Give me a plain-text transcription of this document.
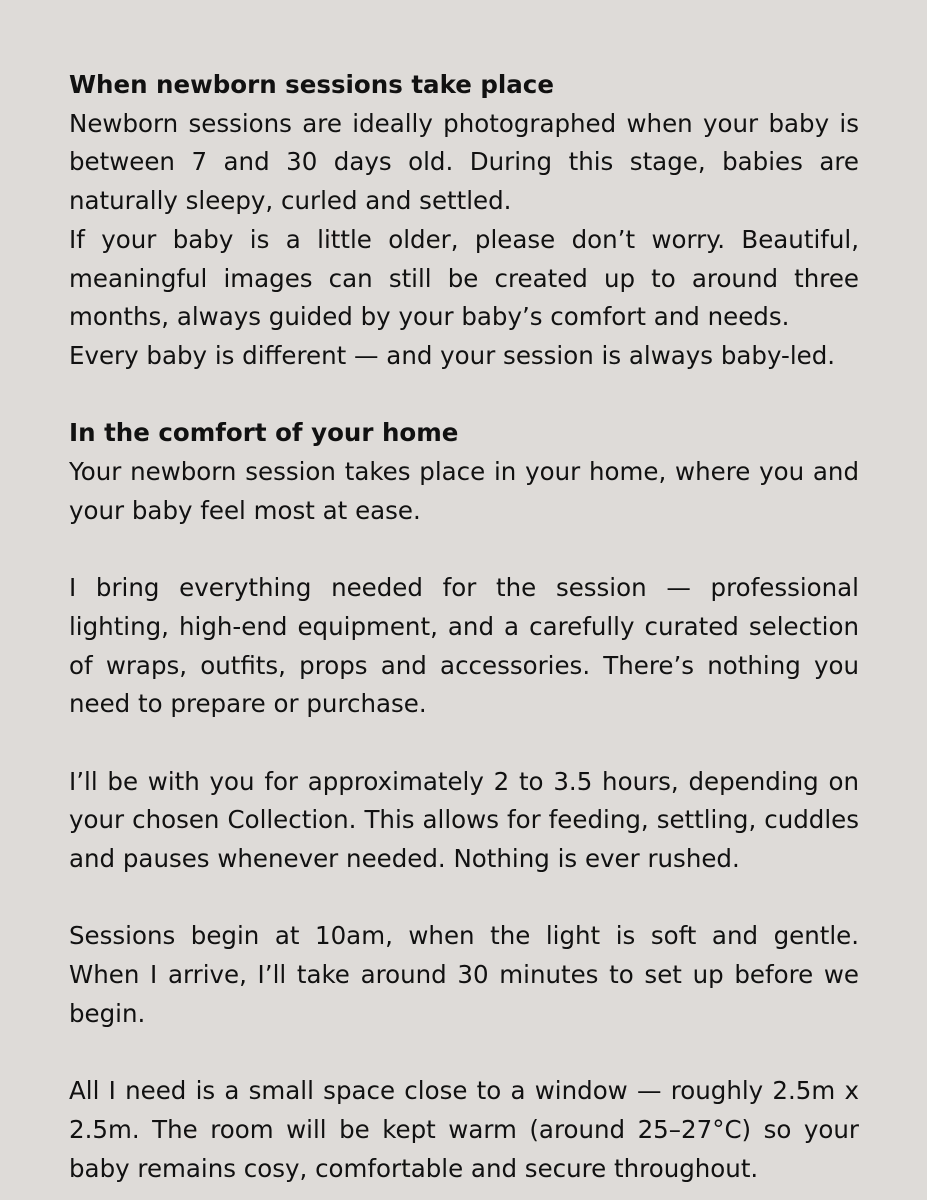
When newborn sessions take place

Newborn sessions are ideally photographed when your baby is between 7 and 30 days old. During this stage, babies are naturally sleepy, curled and settled.

If your baby is a little older, please don’t worry. Beautiful, meaningful images can still be created up to around three months, always guided by your baby’s comfort and needs.

Every baby is different — and your session is always baby-led.

In the comfort of your home

Your newborn session takes place in your home, where you and your baby feel most at ease.

I bring everything needed for the session — professional lighting, high-end equipment, and a carefully curated selection of wraps, outfits, props and accessories. There’s nothing you need to prepare or purchase.

I’ll be with you for approximately 2 to 3.5 hours, depending on your chosen Collection. This allows for feeding, settling, cuddles and pauses whenever needed. Nothing is ever rushed.

Sessions begin at 10am, when the light is soft and gentle. When I arrive, I’ll take around 30 minutes to set up before we begin.

All I need is a small space close to a window — roughly 2.5m x 2.5m. The room will be kept warm (around 25–27°C) so your baby remains cosy, comfortable and secure throughout.
